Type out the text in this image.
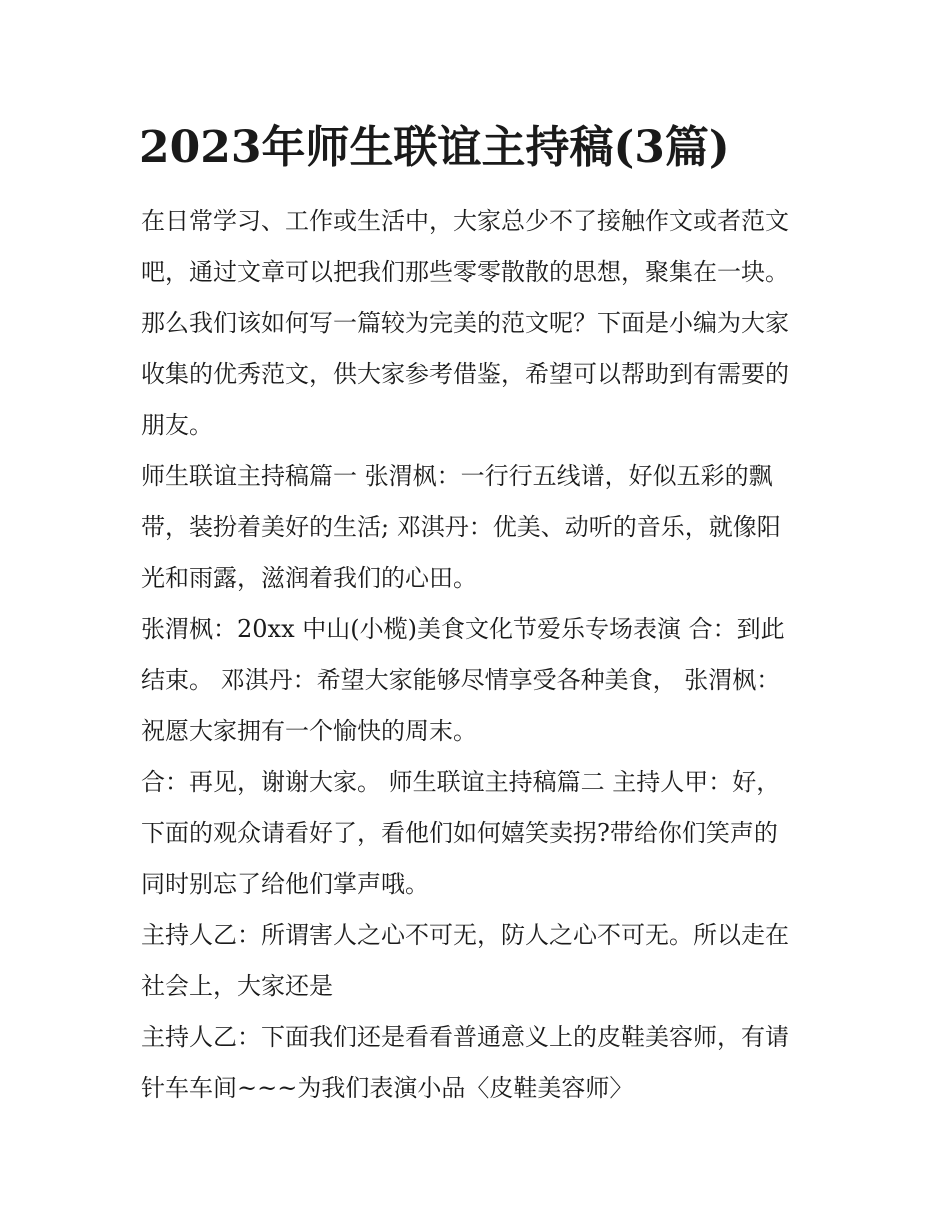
2023年师生联谊主持稿(3篇)

在日常学习、工作或生活中，大家总少不了接触作文或者范文
吧，通过文章可以把我们那些零零散散的思想，聚集在一块。
那么我们该如何写一篇较为完美的范文呢？下面是小编为大家
收集的优秀范文，供大家参考借鉴，希望可以帮助到有需要的
朋友。

师生联谊主持稿篇一 张渭枫：一行行五线谱，好似五彩的飘
带，装扮着美好的生活; 邓淇丹：优美、动听的音乐，就像阳
光和雨露，滋润着我们的心田。

张渭枫：20xx 中山(小榄)美食文化节爱乐专场表演 合：到此
结束。 邓淇丹：希望大家能够尽情享受各种美食， 张渭枫：
祝愿大家拥有一个愉快的周末。

合：再见，谢谢大家。 师生联谊主持稿篇二 主持人甲：好，
下面的观众请看好了，看他们如何嬉笑卖拐?带给你们笑声的
同时别忘了给他们掌声哦。

主持人乙：所谓害人之心不可无，防人之心不可无。所以走在
社会上，大家还是

主持人乙：下面我们还是看看普通意义上的皮鞋美容师，有请
针车车间~~~为我们表演小品〈皮鞋美容师〉
